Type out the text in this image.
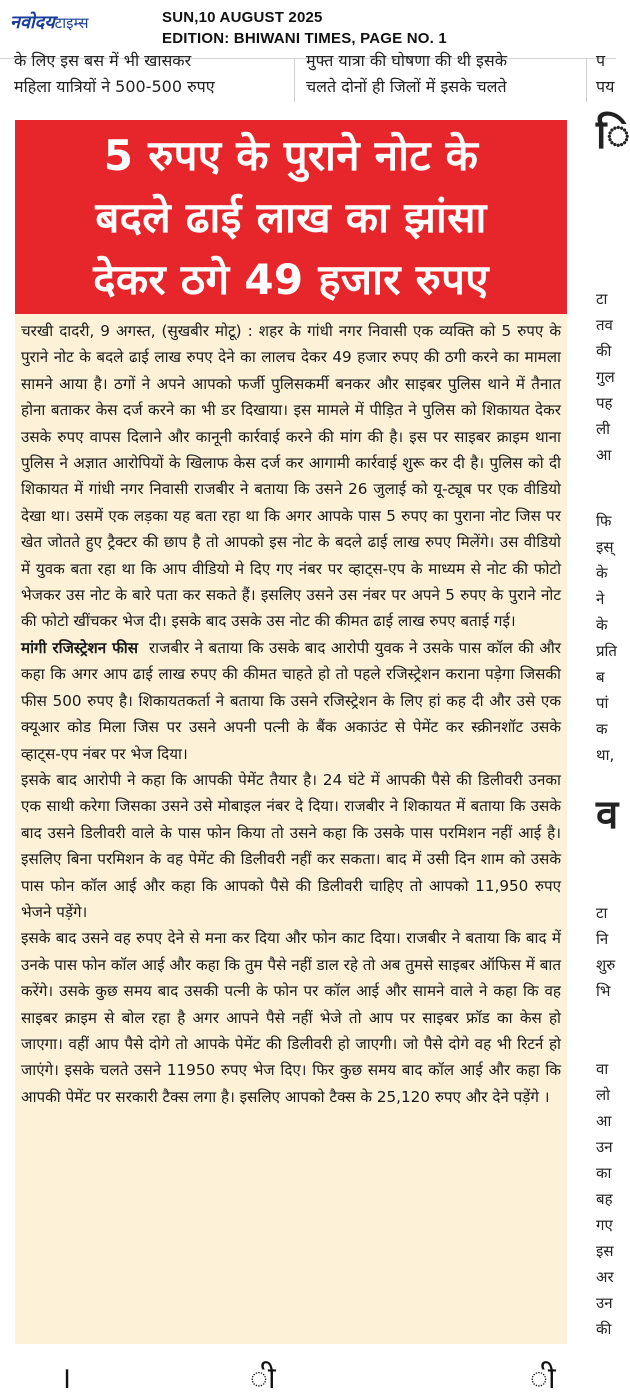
नवोदयटाइम्स	SUN,10 AUGUST 2025
EDITION: BHIWANI TIMES, PAGE NO. 1
के लिए इस बस में भी खासकर
महिला यात्रियों ने 500-500 रुपए
मुफ्त यात्रा की घोषणा की थी इसके
चलते दोनों ही जिलों में इसके चलते
प
पय
5 रुपए के पुराने नोट के
बदले ढाई लाख का झांसा
देकर ठगे 49 हजार रुपए

चरखी दादरी, 9 अगस्त, (सुखबीर मोटू) : शहर के गांधी नगर निवासी एक व्यक्ति को 5 रुपए के पुराने नोट के बदले ढाई लाख रुपए देने का लालच देकर 49 हजार रुपए की ठगी करने का मामला सामने आया है। ठगों ने अपने आपको फर्जी पुलिसकर्मी बनकर और साइबर पुलिस थाने में तैनात होना बताकर केस दर्ज करने का भी डर दिखाया। इस मामले में पीड़ित ने पुलिस को शिकायत देकर उसके रुपए वापस दिलाने और कानूनी कार्रवाई करने की मांग की है। इस पर साइबर क्राइम थाना पुलिस ने अज्ञात आरोपियों के खिलाफ केस दर्ज कर आगामी कार्रवाई शुरू कर दी है। पुलिस को दी शिकायत में गांधी नगर निवासी राजबीर ने बताया कि उसने 26 जुलाई को यू-ट्यूब पर एक वीडियो देखा था। उसमें एक लड़का यह बता रहा था कि अगर आपके पास 5 रुपए का पुराना नोट जिस पर खेत जोतते हुए ट्रैक्टर की छाप है तो आपको इस नोट के बदले ढाई लाख रुपए मिलेंगे। उस वीडियो में युवक बता रहा था कि आप वीडियो मे दिए गए नंबर पर व्हाट्स-एप के माध्यम से नोट की फोटो भेजकर उस नोट के बारे पता कर सकते हैं। इसलिए उसने उस नंबर पर अपने 5 रुपए के पुराने नोट की फोटो खींचकर भेज दी। इसके बाद उसके उस नोट की कीमत ढाई लाख रुपए बताई गई।

मांगी रजिस्ट्रेशन फीस राजबीर ने बताया कि उसके बाद आरोपी युवक ने उसके पास कॉल की और कहा कि अगर आप ढाई लाख रुपए की कीमत चाहते हो तो पहले रजिस्ट्रेशन कराना पड़ेगा जिसकी फीस 500 रुपए है। शिकायतकर्ता ने बताया कि उसने रजिस्ट्रेशन के लिए हां कह दी और उसे एक क्यूआर कोड मिला जिस पर उसने अपनी पत्नी के बैंक अकाउंट से पेमेंट कर स्क्रीनशॉट उसके व्हाट्स-एप नंबर पर भेज दिया।

इसके बाद आरोपी ने कहा कि आपकी पेमेंट तैयार है। 24 घंटे में आपकी पैसे की डिलीवरी उनका एक साथी करेगा जिसका उसने उसे मोबाइल नंबर दे दिया। राजबीर ने शिकायत में बताया कि उसके बाद उसने डिलीवरी वाले के पास फोन किया तो उसने कहा कि उसके पास परमिशन नहीं आई है। इसलिए बिना परमिशन के वह पेमेंट की डिलीवरी नहीं कर सकता। बाद में उसी दिन शाम को उसके पास फोन कॉल आई और कहा कि आपको पैसे की डिलीवरी चाहिए तो आपको 11,950 रुपए भेजने पड़ेंगे।

इसके बाद उसने वह रुपए देने से मना कर दिया और फोन काट दिया। राजबीर ने बताया कि बाद में उनके पास फोन कॉल आई और कहा कि तुम पैसे नहीं डाल रहे तो अब तुमसे साइबर ऑफिस में बात करेंगे। उसके कुछ समय बाद उसकी पत्नी के फोन पर कॉल आई और सामने वाले ने कहा कि वह साइबर क्राइम से बोल रहा है अगर आपने पैसे नहीं भेजे तो आप पर साइबर फ्रॉड का केस हो जाएगा। वहीं आप पैसे दोगे तो आपके पेमेंट की डिलीवरी हो जाएगी। जो पैसे दोगे वह भी रिटर्न हो जाएंगे। इसके चलते उसने 11950 रुपए भेज दिए। फिर कुछ समय बाद कॉल आई और कहा कि आपकी पेमेंट पर सरकारी टैक्स लगा है। इसलिए आपको टैक्स के 25,120 रुपए और देने पड़ेंगे ।

ि
टा
तव
की
गुल
पह
ली
आ
फि
इस्
के
ने
के
प्रति
ब
पां
क
था,
व
टा
नि
शुरु
भि
वा
लो
आ
उन
का
बह
गए
इस
अर
उन
की
।	ी	ी
